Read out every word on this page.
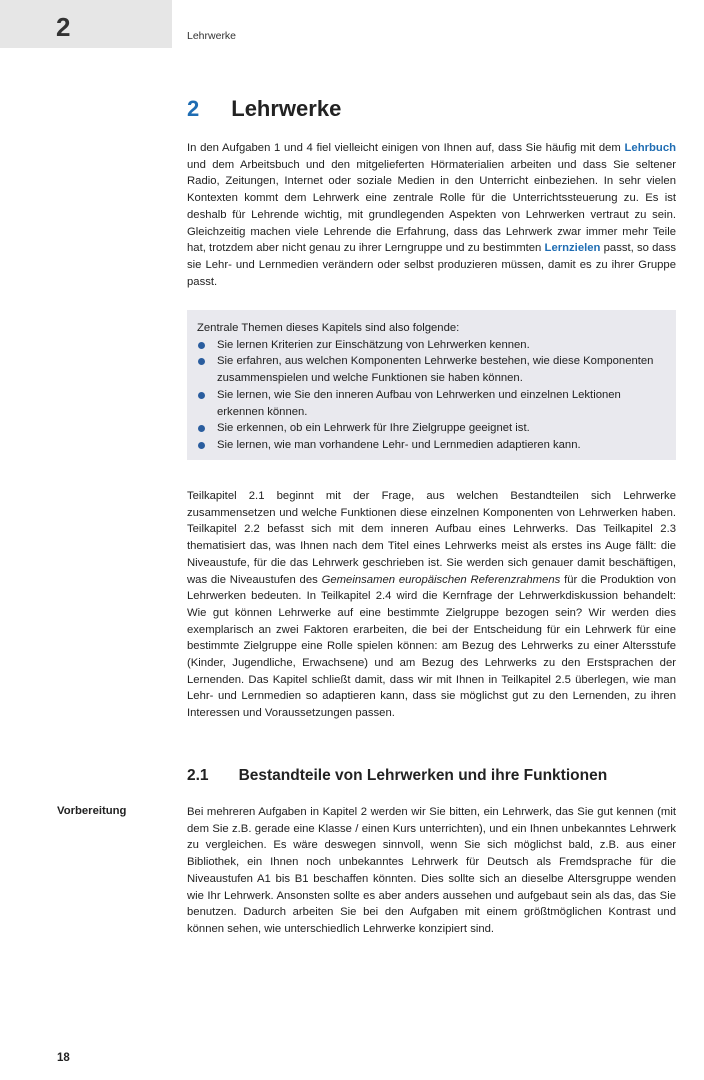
2	Lehrwerke
2 Lehrwerke

In den Aufgaben 1 und 4 fiel vielleicht einigen von Ihnen auf, dass Sie häufig mit dem Lehrbuch und dem Arbeitsbuch und den mitgelieferten Hörmaterialien arbeiten und dass Sie seltener Radio, Zeitungen, Internet oder soziale Medien in den Unterricht einbeziehen. In sehr vielen Kontexten kommt dem Lehrwerk eine zentrale Rolle für die Unterrichtssteuerung zu. Es ist deshalb für Lehrende wichtig, mit grundlegenden Aspekten von Lehrwerken vertraut zu sein. Gleichzeitig machen viele Lehrende die Erfahrung, dass das Lehrwerk zwar immer mehr Teile hat, trotzdem aber nicht genau zu ihrer Lerngruppe und zu bestimmten Lernzielen passt, so dass sie Lehr- und Lernmedien verändern oder selbst produzieren müssen, damit es zu ihrer Gruppe passt.

Zentrale Themen dieses Kapitels sind also folgende:
Sie lernen Kriterien zur Einschätzung von Lehrwerken kennen.
Sie erfahren, aus welchen Komponenten Lehrwerke bestehen, wie diese Komponenten zusammenspielen und welche Funktionen sie haben können.
Sie lernen, wie Sie den inneren Aufbau von Lehrwerken und einzelnen Lektionen erkennen können.
Sie erkennen, ob ein Lehrwerk für Ihre Zielgruppe geeignet ist.
Sie lernen, wie man vorhandene Lehr- und Lernmedien adaptieren kann.

Teilkapitel 2.1 beginnt mit der Frage, aus welchen Bestandteilen sich Lehrwerke zusammensetzen und welche Funktionen diese einzelnen Komponenten von Lehrwerken haben. Teilkapitel 2.2 befasst sich mit dem inneren Aufbau eines Lehrwerks. Das Teilkapitel 2.3 thematisiert das, was Ihnen nach dem Titel eines Lehrwerks meist als erstes ins Auge fällt: die Niveaustufe, für die das Lehrwerk geschrieben ist. Sie werden sich genauer damit beschäftigen, was die Niveaustufen des Gemeinsamen europäischen Referenzrahmens für die Produktion von Lehrwerken bedeuten. In Teilkapitel 2.4 wird die Kernfrage der Lehrwerkdiskussion behandelt: Wie gut können Lehrwerke auf eine bestimmte Zielgruppe bezogen sein? Wir werden dies exemplarisch an zwei Faktoren erarbeiten, die bei der Entscheidung für ein Lehrwerk für eine bestimmte Zielgruppe eine Rolle spielen können: am Bezug des Lehrwerks zu einer Altersstufe (Kinder, Jugendliche, Erwachsene) und am Bezug des Lehrwerks zu den Erstsprachen der Lernenden. Das Kapitel schließt damit, dass wir mit Ihnen in Teilkapitel 2.5 überlegen, wie man Lehr- und Lernmedien so adaptieren kann, dass sie möglichst gut zu den Lernenden, zu ihren Interessen und Voraussetzungen passen.

2.1 Bestandteile von Lehrwerken und ihre Funktionen
Vorbereitung	Bei mehreren Aufgaben in Kapitel 2 werden wir Sie bitten, ein Lehrwerk, das Sie gut kennen (mit dem Sie z.B. gerade eine Klasse / einen Kurs unterrichten), und ein Ihnen unbekanntes Lehrwerk zu vergleichen. Es wäre deswegen sinnvoll, wenn Sie sich möglichst bald, z.B. aus einer Bibliothek, ein Ihnen noch unbekanntes Lehrwerk für Deutsch als Fremdsprache für die Niveaustufen A1 bis B1 beschaffen könnten. Dies sollte sich an dieselbe Altersgruppe wenden wie Ihr Lehrwerk. Ansonsten sollte es aber anders aussehen und aufgebaut sein als das, das Sie benutzen. Dadurch arbeiten Sie bei den Aufgaben mit einem größtmöglichen Kontrast und können sehen, wie unterschiedlich Lehrwerke konzipiert sind.

18
